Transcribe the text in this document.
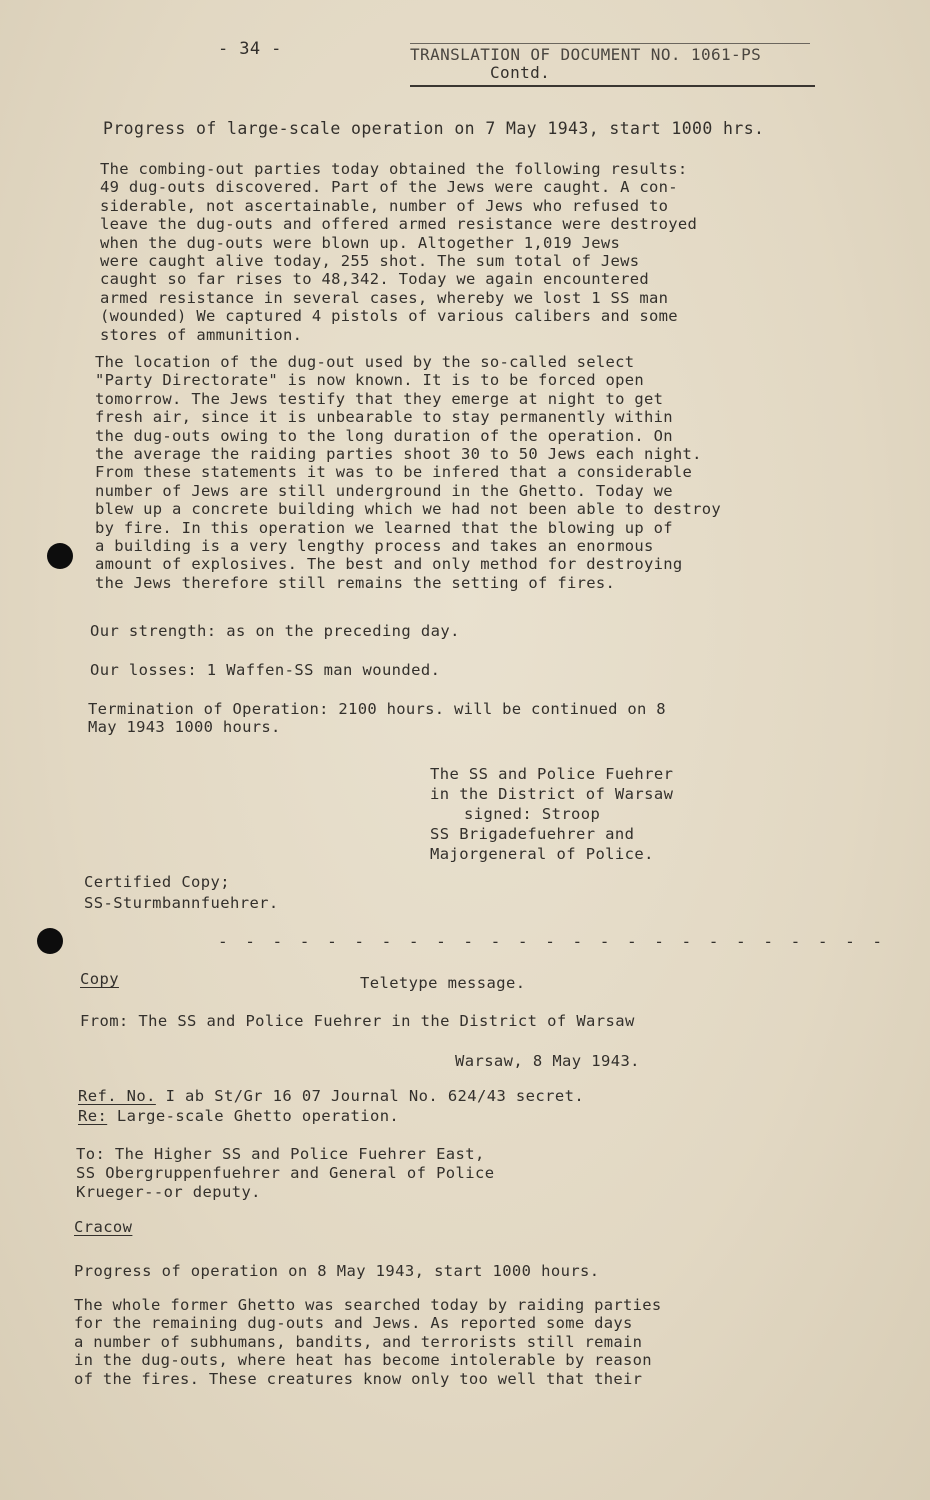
- 34 -	TRANSLATION OF DOCUMENT NO. 1061-PS
Contd.
Progress of large-scale operation on 7 May 1943, start 1000 hrs.
The combing-out parties today obtained the following results:
49 dug-outs discovered. Part of the Jews were caught. A con-
siderable, not ascertainable, number of Jews who refused to
leave the dug-outs and offered armed resistance were destroyed
when the dug-outs were blown up. Altogether 1,019 Jews
were caught alive today, 255 shot. The sum total of Jews
caught so far rises to 48,342. Today we again encountered
armed resistance in several cases, whereby we lost 1 SS man
(wounded) We captured 4 pistols of various calibers and some
stores of ammunition.
The location of the dug-out used by the so-called select
"Party Directorate" is now known. It is to be forced open
tomorrow. The Jews testify that they emerge at night to get
fresh air, since it is unbearable to stay permanently within
the dug-outs owing to the long duration of the operation. On
the average the raiding parties shoot 30 to 50 Jews each night.
From these statements it was to be infered that a considerable
number of Jews are still underground in the Ghetto. Today we
blew up a concrete building which we had not been able to destroy
by fire. In this operation we learned that the blowing up of
a building is a very lengthy process and takes an enormous
amount of explosives. The best and only method for destroying
the Jews therefore still remains the setting of fires.
Our strength: as on the preceding day.
Our losses: 1 Waffen-SS man wounded.
Termination of Operation: 2100 hours. will be continued on 8
May 1943 1000 hours.
The SS and Police Fuehrer
in the District of Warsaw
signed: Stroop
SS Brigadefuehrer and
Majorgeneral of Police.
Certified Copy;
SS-Sturmbannfuehrer.
- - - - - - - - - - - - - - - - - - - - - - - - -
Copy	Teletype message.
From: The SS and Police Fuehrer in the District of Warsaw
Warsaw, 8 May 1943.
Ref. No. I ab St/Gr 16 07 Journal No. 624/43 secret.
Re: Large-scale Ghetto operation.
To: The Higher SS and Police Fuehrer East,
SS Obergruppenfuehrer and General of Police
Krueger--or deputy.
Cracow
Progress of operation on 8 May 1943, start 1000 hours.
The whole former Ghetto was searched today by raiding parties
for the remaining dug-outs and Jews. As reported some days
a number of subhumans, bandits, and terrorists still remain
in the dug-outs, where heat has become intolerable by reason
of the fires. These creatures know only too well that their
